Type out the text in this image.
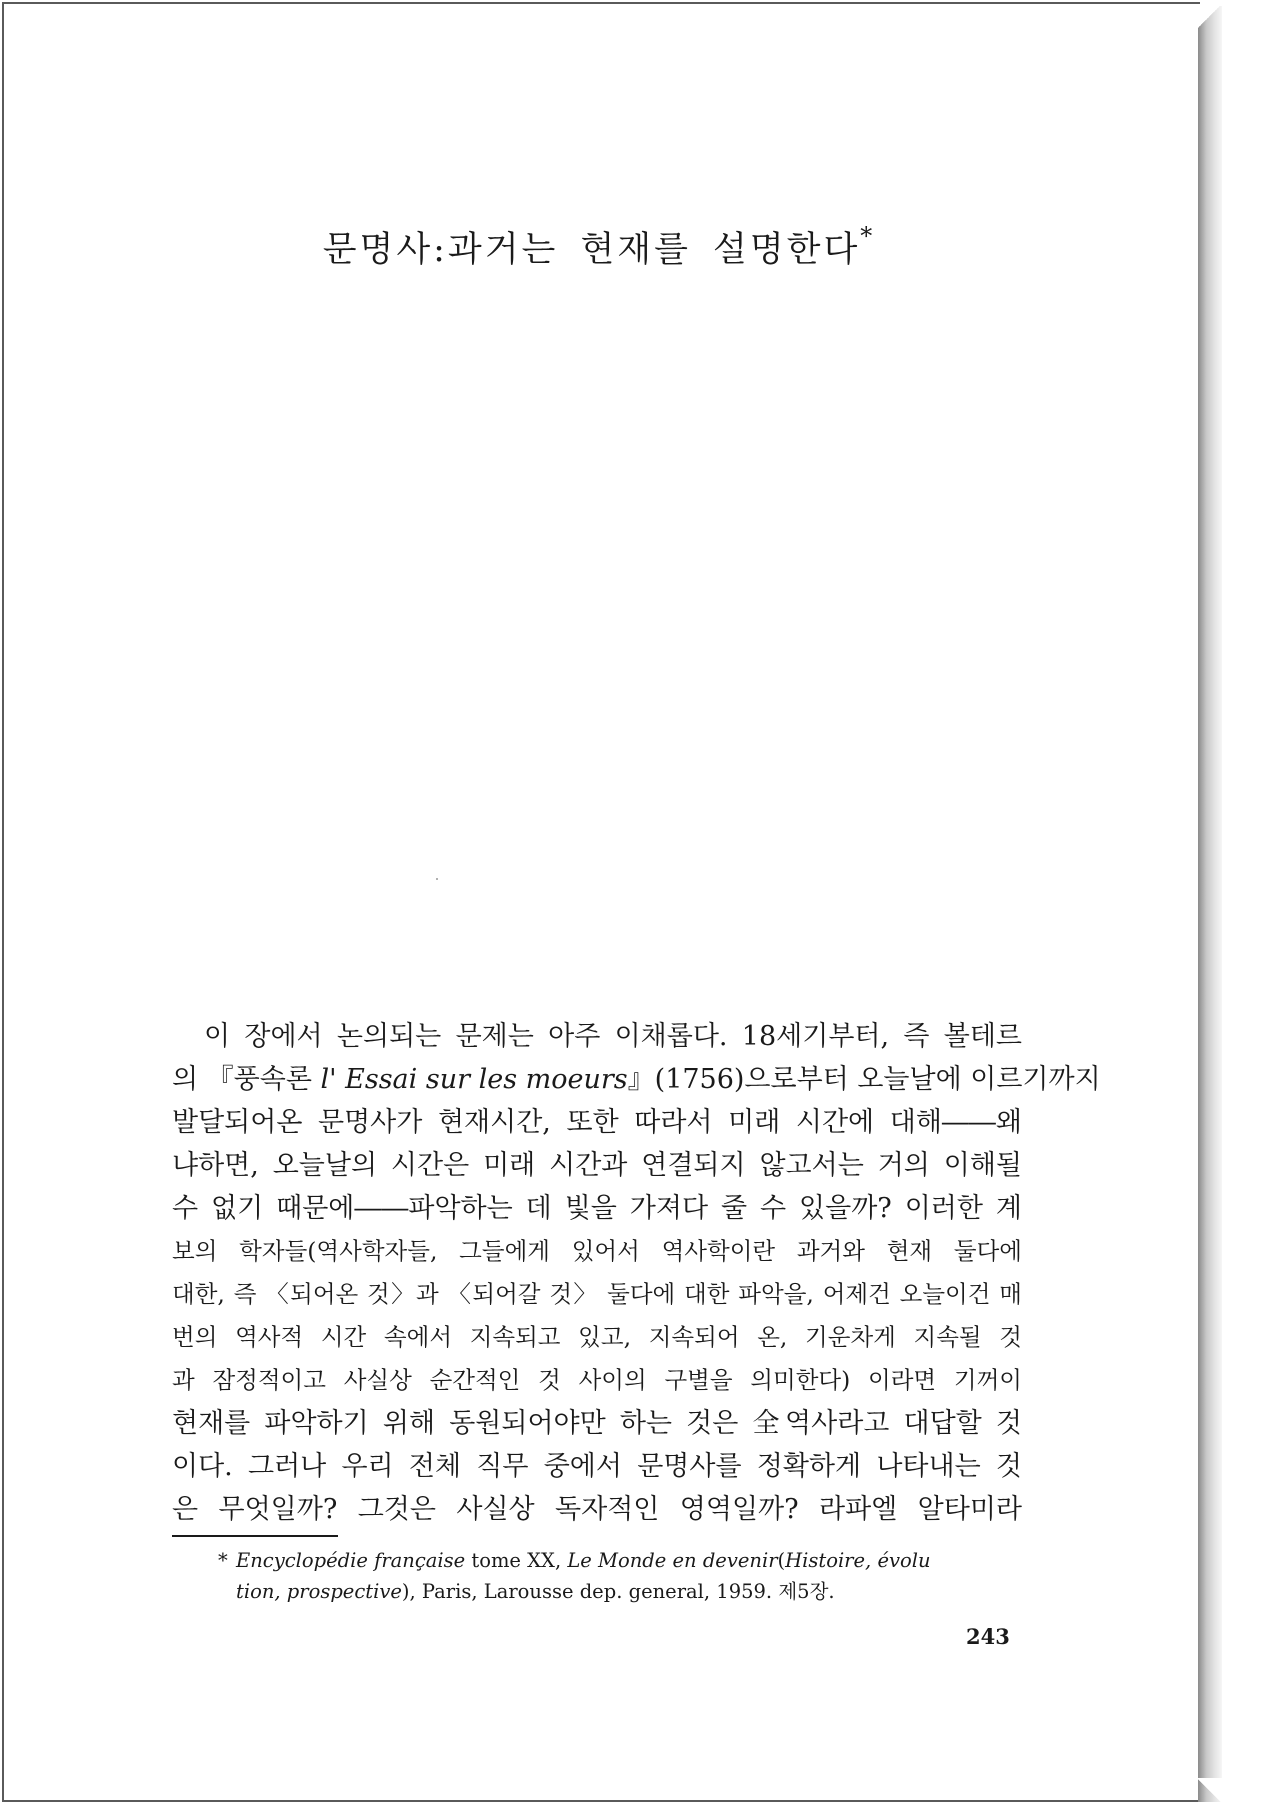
문명사:과거는 현재를 설명한다*
이 장에서 논의되는 문제는 아주 이채롭다. 18세기부터, 즉 볼테르
의 『풍속론 l' Essai sur les moeurs』(1756)으로부터 오늘날에 이르기까지
발달되어온 문명사가 현재시간, 또한 따라서 미래 시간에 대해――왜
냐하면, 오늘날의 시간은 미래 시간과 연결되지 않고서는 거의 이해될
수 없기 때문에――파악하는 데 빛을 가져다 줄 수 있을까? 이러한 계
보의 학자들(역사학자들, 그들에게 있어서 역사학이란 과거와 현재 둘다에
대한, 즉 〈되어온 것〉과 〈되어갈 것〉 둘다에 대한 파악을, 어제건 오늘이건 매
번의 역사적 시간 속에서 지속되고 있고, 지속되어 온, 기운차게 지속될 것
과 잠정적이고 사실상 순간적인 것 사이의 구별을 의미한다) 이라면 기꺼이
현재를 파악하기 위해 동원되어야만 하는 것은 全역사라고 대답할 것
이다. 그러나 우리 전체 직무 중에서 문명사를 정확하게 나타내는 것
은 무엇일까? 그것은 사실상 독자적인 영역일까? 라파엘 알타미라
* Encyclopédie française tome XX, Le Monde en devenir(Histoire, évolu
tion, prospective), Paris, Larousse dep. general, 1959. 제5장.
243
